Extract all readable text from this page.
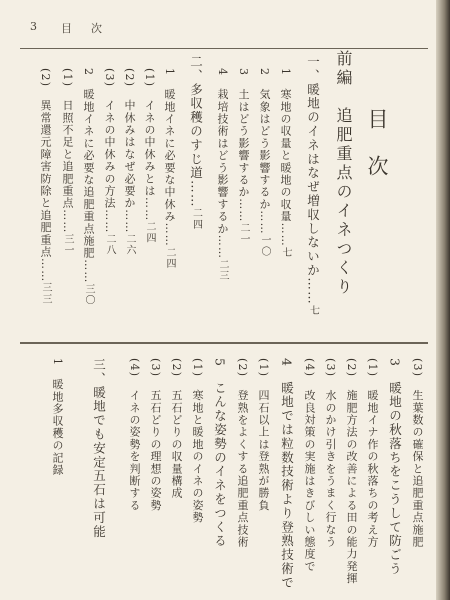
3 目　次
目次
前編　追肥重点のイネつくり
一、暖地のイネはなぜ増収しないか……七
1　寒地の収量と暖地の収量……七
2　気象はどう影響するか……一〇
3　土はどう影響するか……二一
4　栽培技術はどう影響するか……二三
二、多収穫のすじ道……二四
1　暖地イネに必要な中休み……二四
(1)　イネの中休みとは……二四
(2)　中休みはなぜ必要か……二六
(3)　イネの中休みの方法……二八
2　暖地イネに必要な追肥重点施肥……三〇
(1)　日照不足と追肥重点……三一
(2)　異常還元障害防除と追肥重点……三三
(3)　生葉数の確保と追肥重点施肥
3　暖地の秋落ちをこうして防ごう
(1)　暖地イナ作の秋落ちの考え方
(2)　施肥方法の改善による田の能力発揮
(3)　水のかけ引きをうまく行なう
(4)　改良対策の実施はきびしい態度で
4　暖地では粒数技術より登熟技術で
(1)　四石以上は登熟が勝負
(2)　登熟をよくする追肥重点技術
5　こんな姿勢のイネをつくる
(1)　寒地と暖地のイネの姿勢
(2)　五石どりの収量構成
(3)　五石どりの理想の姿勢
(4)　イネの姿勢を判断する
三、暖地でも安定五石は可能
1　暖地多収穫の記録
